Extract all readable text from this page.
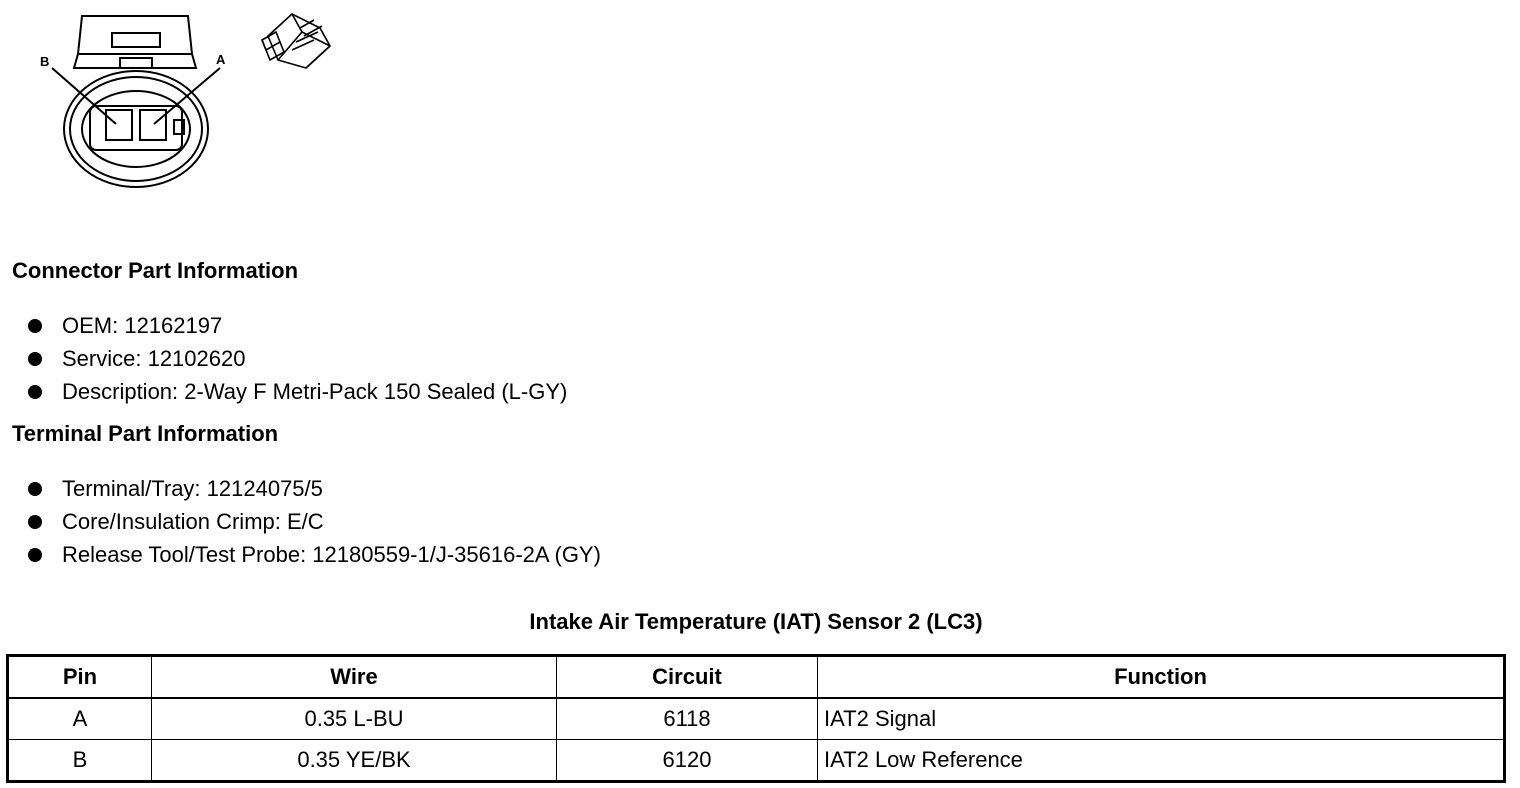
B	A
Connector Part Information
OEM: 12162197
Service: 12102620
Description: 2-Way F Metri-Pack 150 Sealed (L-GY)
Terminal Part Information
Terminal/Tray: 12124075/5
Core/Insulation Crimp: E/C
Release Tool/Test Probe: 12180559-1/J-35616-2A (GY)
Intake Air Temperature (IAT) Sensor 2 (LC3)
Pin	Wire	Circuit	Function
A	0.35 L-BU	6118	IAT2 Signal
B	0.35 YE/BK	6120	IAT2 Low Reference
